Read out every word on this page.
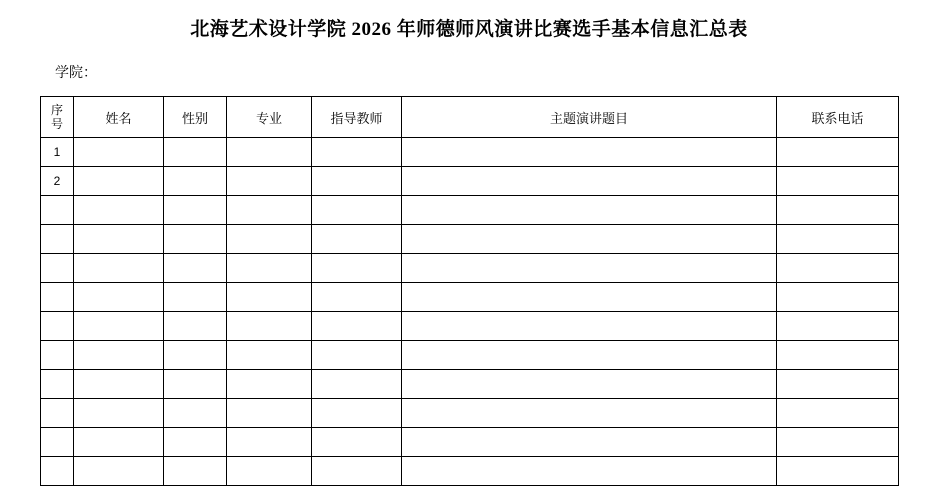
北海艺术设计学院 2026 年师德师风演讲比赛选手基本信息汇总表
学院：
序
号	姓名	性别	专业	指导教师	主题演讲题目	联系电话
1						
2						
